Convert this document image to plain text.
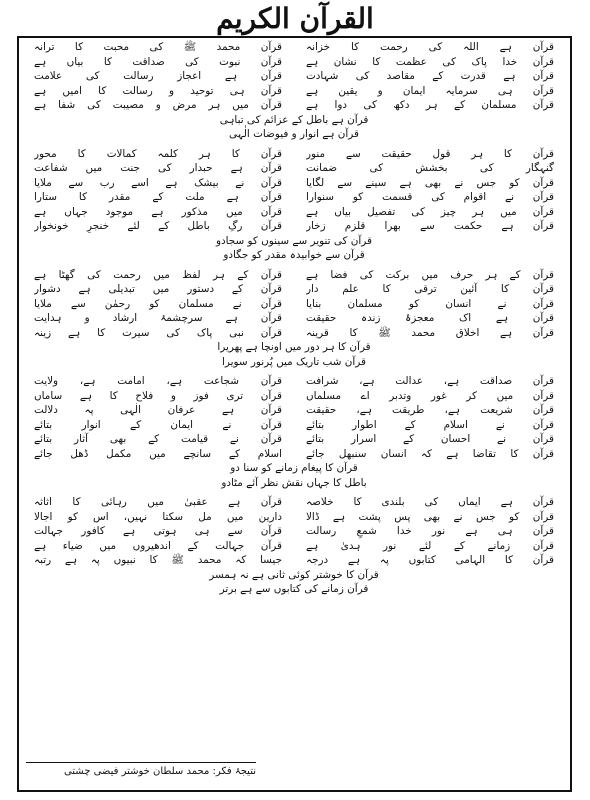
القرآن الکریم
قرآن ہے اللہ کی رحمت کا خزانہ
قرآن محمد ﷺ کی محبت کا ترانہ
قرآن خدا پاک کی عظمت کا نشان ہے
قرآن نبوت کی صداقت کا بیاں ہے
قرآن ہے قدرت کے مقاصد کی شہادت
قرآن ہے اعجاز رسالت کی علامت
قرآن ہی سرمایہ ایمان و یقین ہے
قرآن ہی توحید و رسالت کا امیں ہے
قرآن مسلمان کے ہر دکھ کی دوا ہے
قرآن میں ہر مرض و مصیبت کی شفا ہے
قرآن ہے باطل کے عزائم کی تباہی
قرآن ہے انوار و فیوضات الٰہی
قرآن کا ہر قول حقیقت سے منور
قرآن کا ہر کلمہ کمالات کا محور
گنہگار کی بخشش کی ضمانت
قرآن ہے حبدار کی جنت میں شفاعت
قرآن کو جس نے بھی ہے سینے سے لگایا
قرآن نے بیشک ہے اسے رب سے ملایا
قرآن نے اقوام کی قسمت کو سنوارا
قرآن ہے ملت کے مقدر کا ستارا
قرآن میں ہر چیز کی تفصیل بیاں ہے
قرآن میں مذکور ہے موجود جہاں ہے
قرآن ہے حکمت سے بھرا قلزم زخار
قرآن رگِ باطل کے لئے خنجرِ خونخوار
قرآن کی تنویر سے سینوں کو سجادو
قرآن سے خوابیدہ مقدر کو جگادو
قرآن کے ہر حرف میں برکت کی فضا ہے
قرآن کے ہر لفظ میں رحمت کی گھٹا ہے
قرآن کا آئین ترقی کا علم دار
قرآن کے دستور میں تبدیلی ہے دشوار
قرآن نے انسان کو مسلمان بنایا
قرآن نے مسلمان کو رحمٰن سے ملایا
قرآن ہے اک معجزۂ زندہ حقیقت
قرآن ہے سرچشمۂ ارشاد و ہدایت
قرآن ہے اخلاق محمد ﷺ کا قرینہ
قرآن نبی پاک کی سیرت کا ہے زینہ
قرآن کا ہر دور میں اونچا ہے پھریرا
قرآن شب تاریک میں پُرنور سویرا
قرآن صداقت ہے، عدالت ہے، شرافت
قرآن شجاعت ہے، امامت ہے، ولایت
قرآن میں کر غور وتدبر اے مسلماں
قرآن تری فوز و فلاح کا ہے ساماں
قرآن شریعت ہے، طریقت ہے، حقیقت
قرآن ہے عرفان الٰہی پہ دلالت
قرآن نے اسلام کے اطوار بتائے
قرآن نے ایمان کے انوار بتائے
قرآن نے احسان کے اسرار بتائے
قرآن نے قیامت کے بھی آثار بتائے
قرآن کا تقاضا ہے کہ انسان سنبھل جائے
اسلام کے سانچے میں مکمل ڈھل جائے
قرآن کا پیغام زمانے کو سنا دو
باطل کا جہاں نقش نظر آئے مٹادو
قرآن ہے ایماں کی بلندی کا خلاصہ
قرآن ہے عقبیٰ میں رہائی کا اثاثہ
قرآن کو جس نے بھی پس پشت ہے ڈالا
دارین میں مل سکتا نہیں، اس کو اجالا
قرآن ہی ہے نور خدا شمعِ رسالت
قرآن سے ہی ہوتی ہے کافور جہالت
قرآن زمانے کے لئے نور ہدیٰ ہے
قرآن جہالت کے اندھیروں میں ضیاء ہے
قرآن کا الہامی کتابوں پہ ہے درجہ
جیسا کہ محمد ﷺ کا نبیوں پہ ہے رتبہ
قرآن کا خوشتر کوئی ثانی ہے نہ ہمسر
قرآن زمانے کی کتابوں سے ہے برتر
نتیجۂ فکر: محمد سلطان خوشتر فیضی چشتی
